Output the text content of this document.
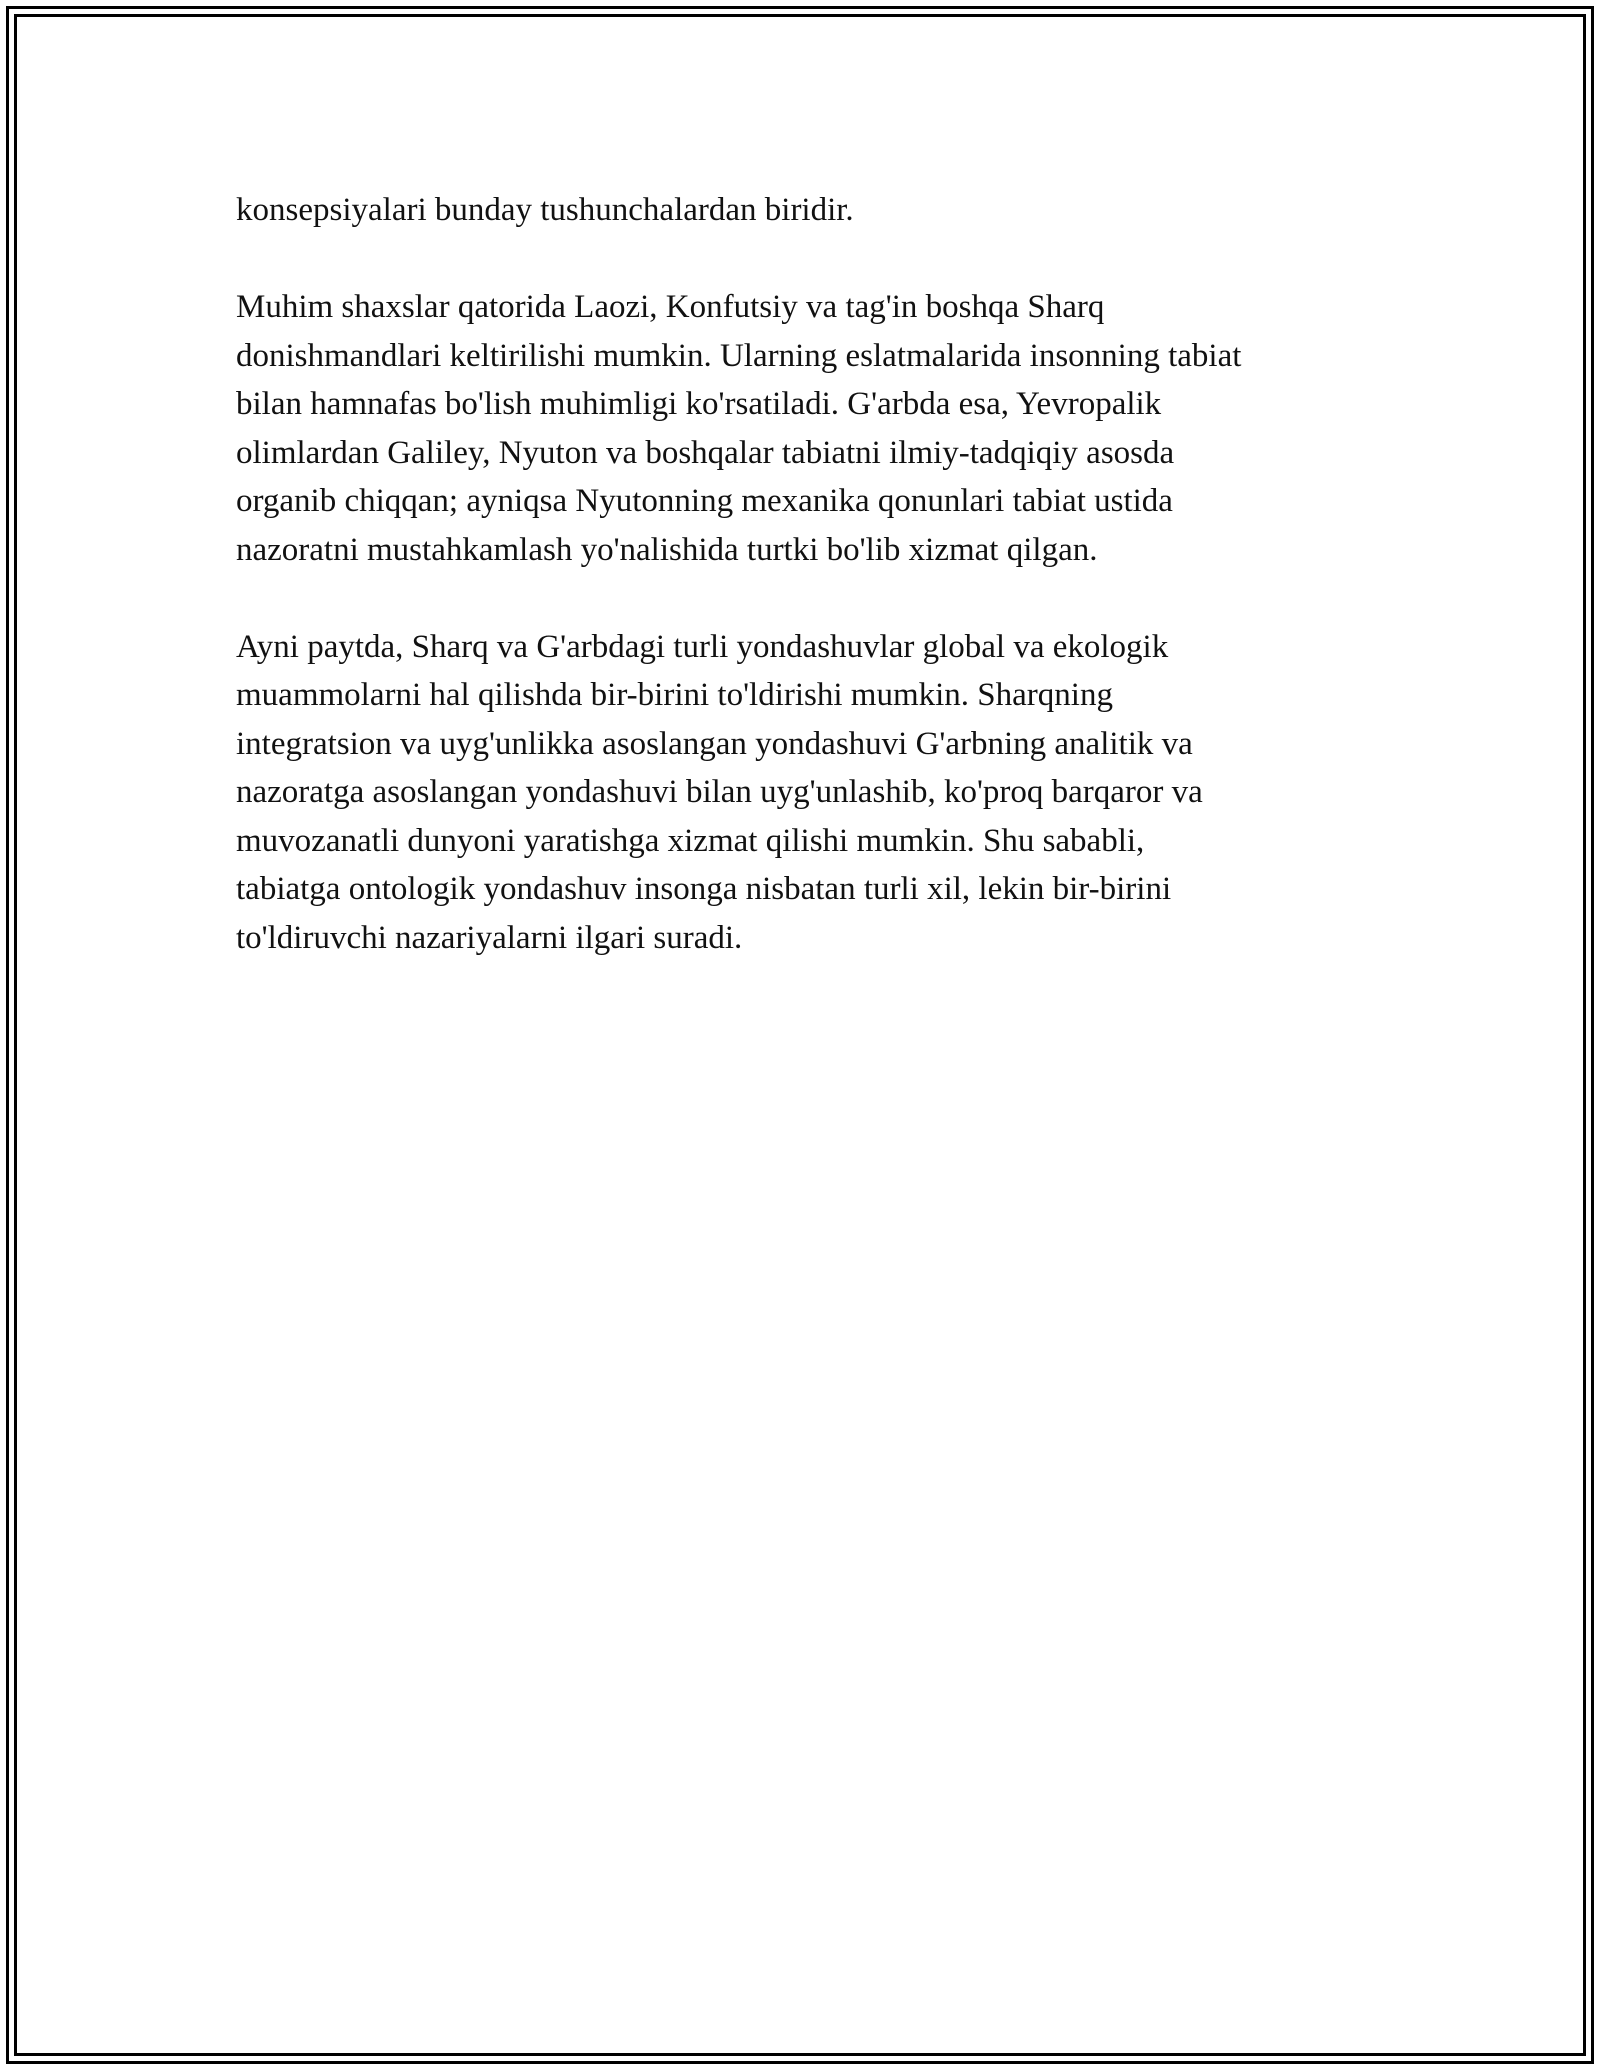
konsepsiyalari bunday tushunchalardan biridir.

Muhim shaxslar qatorida Laozi, Konfutsiy va tag'in boshqa Sharq
donishmandlari keltirilishi mumkin. Ularning eslatmalarida insonning tabiat
bilan hamnafas bo'lish muhimligi ko'rsatiladi. G'arbda esa, Yevropalik
olimlardan Galiley, Nyuton va boshqalar tabiatni ilmiy-tadqiqiy asosda
organib chiqqan; ayniqsa Nyutonning mexanika qonunlari tabiat ustida
nazoratni mustahkamlash yo'nalishida turtki bo'lib xizmat qilgan.

Ayni paytda, Sharq va G'arbdagi turli yondashuvlar global va ekologik
muammolarni hal qilishda bir-birini to'ldirishi mumkin. Sharqning
integratsion va uyg'unlikka asoslangan yondashuvi G'arbning analitik va
nazoratga asoslangan yondashuvi bilan uyg'unlashib, ko'proq barqaror va
muvozanatli dunyoni yaratishga xizmat qilishi mumkin. Shu sababli,
tabiatga ontologik yondashuv insonga nisbatan turli xil, lekin bir-birini
to'ldiruvchi nazariyalarni ilgari suradi.
